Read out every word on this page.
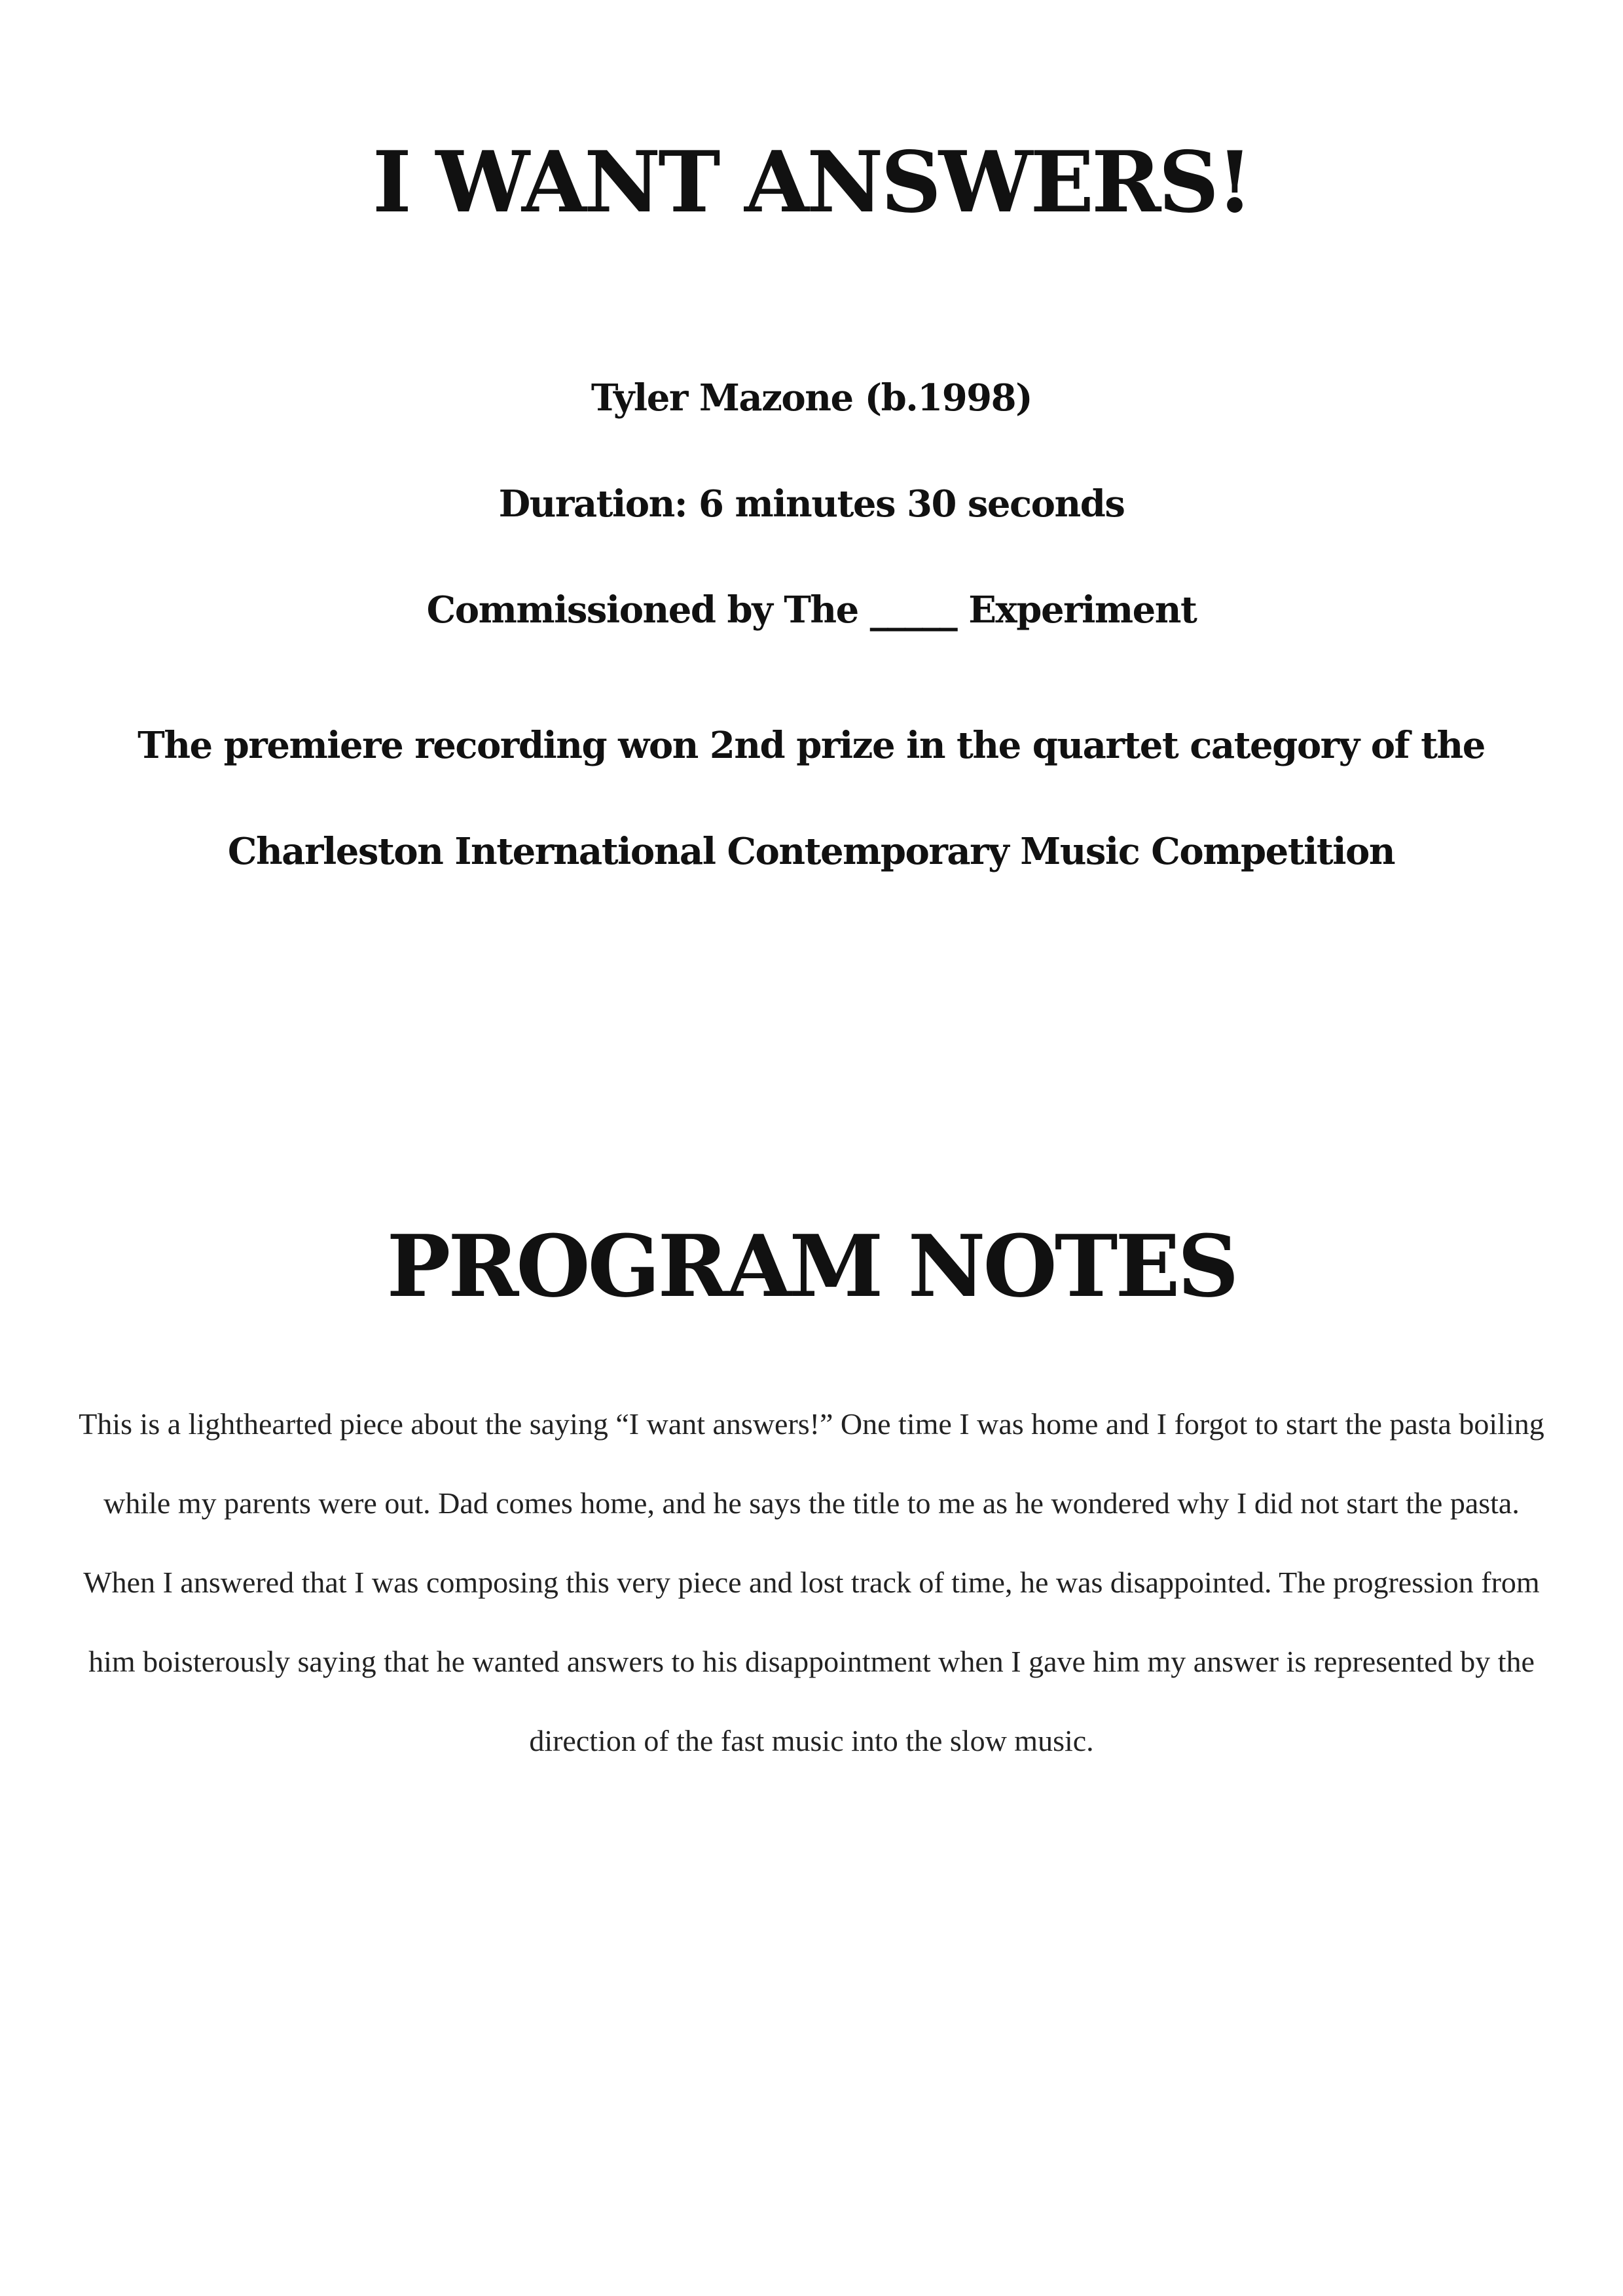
I WANT ANSWERS!

Tyler Mazone (b.1998)

Duration: 6 minutes 30 seconds

Commissioned by The _____ Experiment

The premiere recording won 2nd prize in the quartet category of the Charleston International Contemporary Music Competition

PROGRAM NOTES

This is a lighthearted piece about the saying “I want answers!” One time I was home and I forgot to start the pasta boiling while my parents were out. Dad comes home, and he says the title to me as he wondered why I did not start the pasta. When I answered that I was composing this very piece and lost track of time, he was disappointed. The progression from him boisterously saying that he wanted answers to his disappointment when I gave him my answer is represented by the direction of the fast music into the slow music.
